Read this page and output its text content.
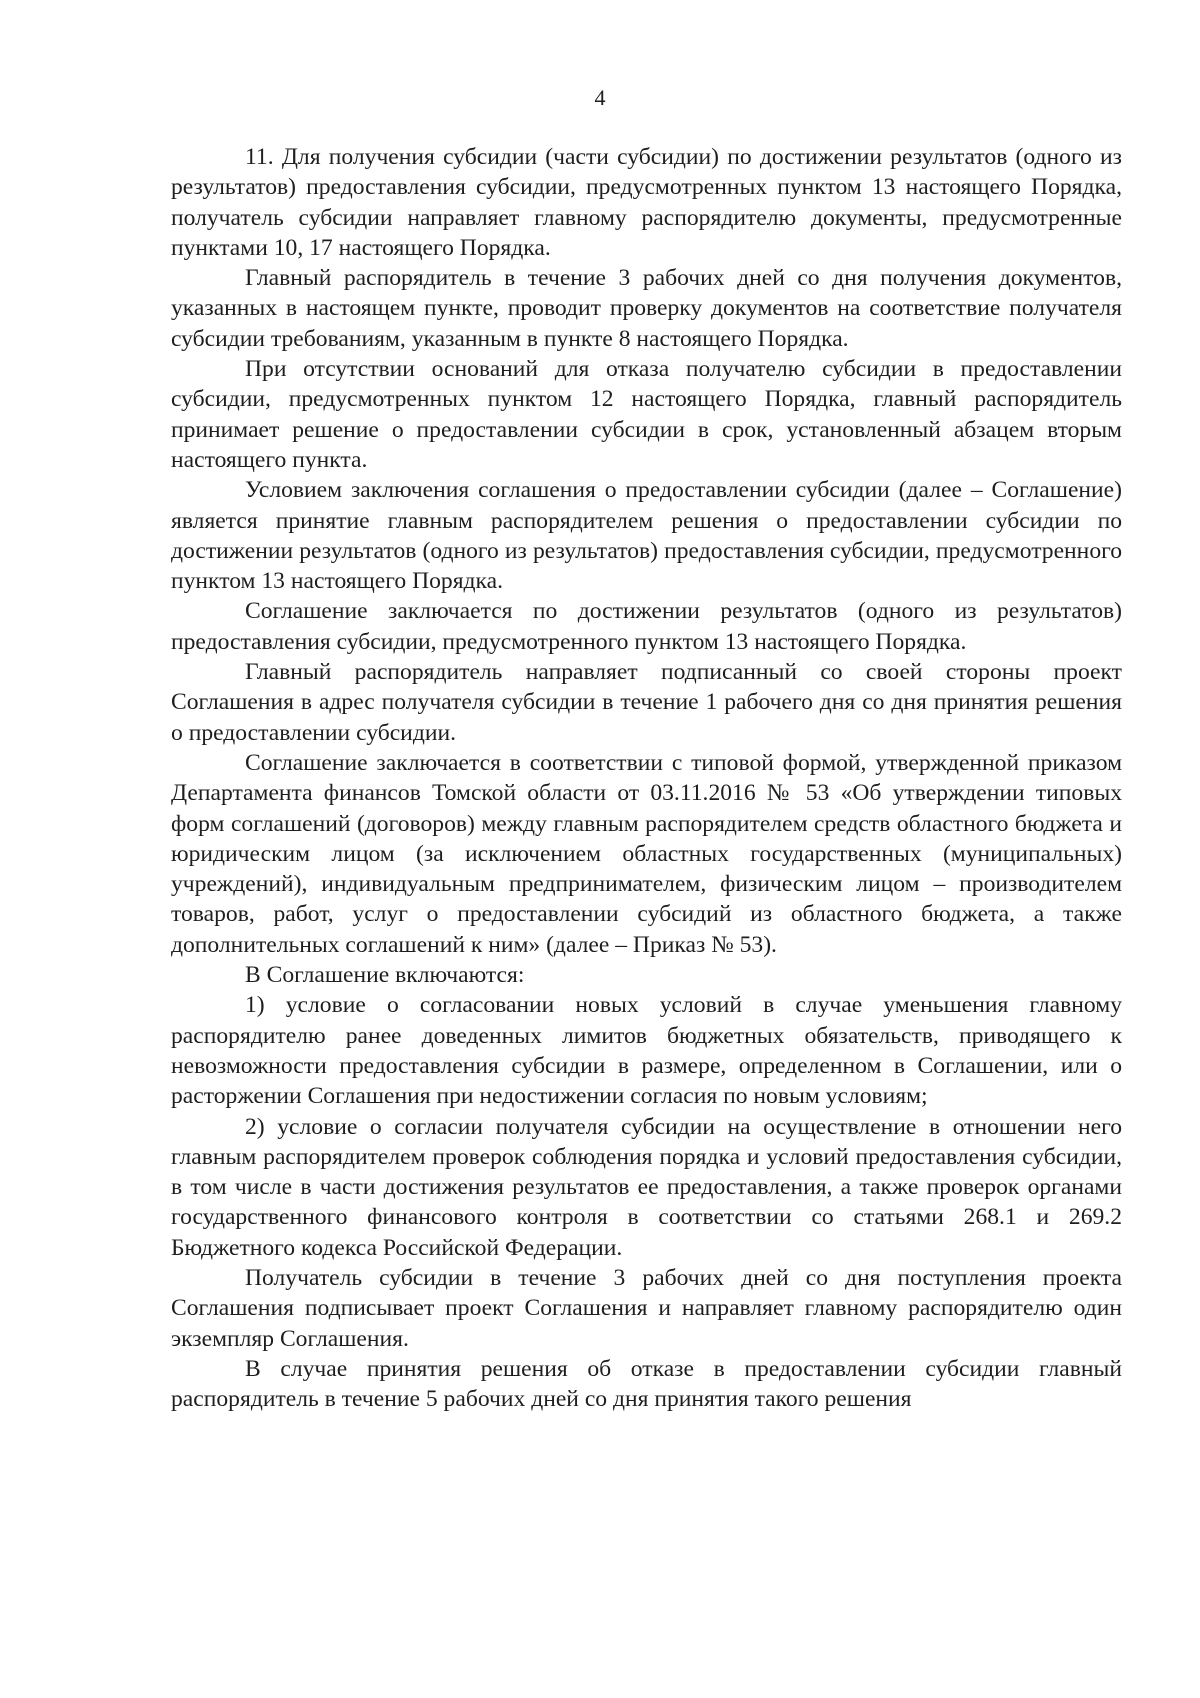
4

11. Для получения субсидии (части субсидии) по достижении результатов (одного из результатов) предоставления субсидии, предусмотренных пунктом 13 настоящего Порядка, получатель субсидии направляет главному распорядителю документы, предусмотренные пунктами 10, 17 настоящего Порядка.

Главный распорядитель в течение 3 рабочих дней со дня получения документов, указанных в настоящем пункте, проводит проверку документов на соответствие получателя субсидии требованиям, указанным в пункте 8 настоящего Порядка.

При отсутствии оснований для отказа получателю субсидии в предоставлении субсидии, предусмотренных пунктом 12 настоящего Порядка, главный распорядитель принимает решение о предоставлении субсидии в срок, установленный абзацем вторым настоящего пункта.

Условием заключения соглашения о предоставлении субсидии (далее – Соглашение) является принятие главным распорядителем решения о предоставлении субсидии по достижении результатов (одного из результатов) предоставления субсидии, предусмотренного пунктом 13 настоящего Порядка.

Соглашение заключается по достижении результатов (одного из результатов) предоставления субсидии, предусмотренного пунктом 13 настоящего Порядка.

Главный распорядитель направляет подписанный со своей стороны проект Соглашения в адрес получателя субсидии в течение 1 рабочего дня со дня принятия решения о предоставлении субсидии.

Соглашение заключается в соответствии с типовой формой, утвержденной приказом Департамента финансов Томской области от 03.11.2016 № 53 «Об утверждении типовых форм соглашений (договоров) между главным распорядителем средств областного бюджета и юридическим лицом (за исключением областных государственных (муниципальных) учреждений), индивидуальным предпринимателем, физическим лицом – производителем товаров, работ, услуг о предоставлении субсидий из областного бюджета, а также дополнительных соглашений к ним» (далее – Приказ № 53).

В Соглашение включаются:

1) условие о согласовании новых условий в случае уменьшения главному распорядителю ранее доведенных лимитов бюджетных обязательств, приводящего к невозможности предоставления субсидии в размере, определенном в Соглашении, или о расторжении Соглашения при недостижении согласия по новым условиям;

2) условие о согласии получателя субсидии на осуществление в отношении него главным распорядителем проверок соблюдения порядка и условий предоставления субсидии, в том числе в части достижения результатов ее предоставления, а также проверок органами государственного финансового контроля в соответствии со статьями 268.1 и 269.2 Бюджетного кодекса Российской Федерации.

Получатель субсидии в течение 3 рабочих дней со дня поступления проекта Соглашения подписывает проект Соглашения и направляет главному распорядителю один экземпляр Соглашения.

В случае принятия решения об отказе в предоставлении субсидии главный распорядитель в течение 5 рабочих дней со дня принятия такого решения
